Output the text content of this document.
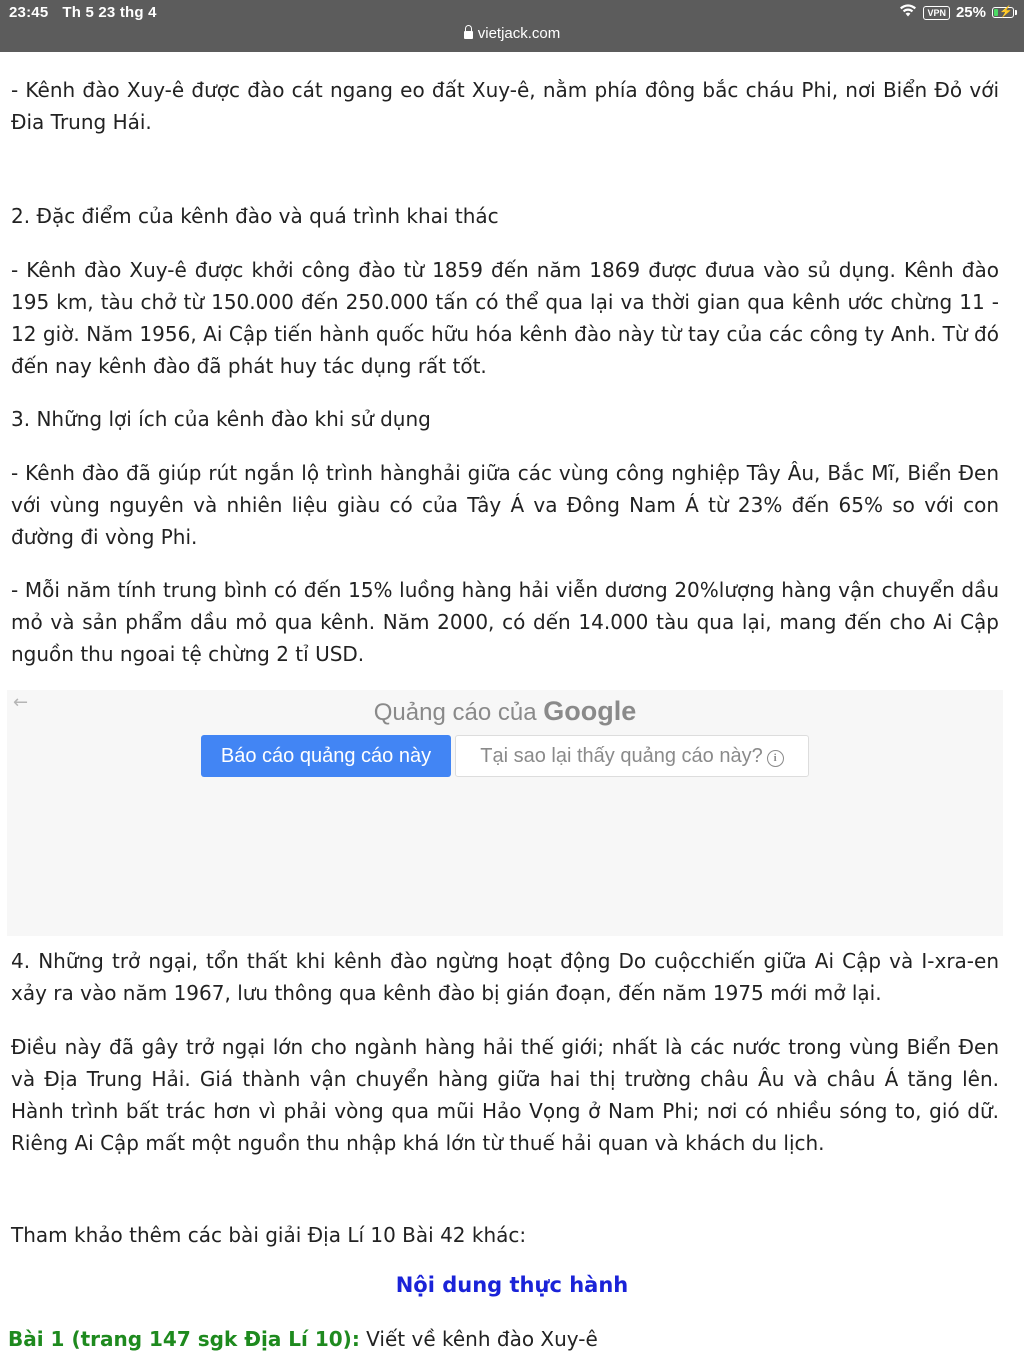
23:45 Th 5 23 thg 4	VPN 25% ⚡
vietjack.com

- Kênh đào Xuy-ê được đào cát ngang eo đất Xuy-ê, nằm phía đông bắc cháu Phi, nơi Biển Đỏ với Đia Trung Hái.

2. Đặc điểm của kênh đào và quá trình khai thác

- Kênh đào Xuy-ê được khởi công đào từ 1859 đến năm 1869 được đưua vào sủ dụng. Kênh đào 195 km, tàu chở từ 150.000 đến 250.000 tấn có thể qua lại va thời gian qua kênh ước chừng 11 - 12 giờ. Năm 1956, Ai Cập tiến hành quốc hữu hóa kênh đào này từ tay của các công ty Anh. Từ đó đến nay kênh đào đã phát huy tác dụng rất tốt.

3. Những lợi ích của kênh đào khi sử dụng

- Kênh đào đã giúp rút ngắn lộ trình hànghải giữa các vùng công nghiệp Tây Âu, Bắc Mĩ, Biển Đen với vùng nguyên và nhiên liệu giàu có của Tây Á va Đông Nam Á từ 23% đến 65% so với con đường đi vòng Phi.

- Mỗi năm tính trung bình có đến 15% luồng hàng hải viễn dương 20%lượng hàng vận chuyển dầu mỏ và sản phẩm dầu mỏ qua kênh. Năm 2000, có dến 14.000 tàu qua lại, mang đến cho Ai Cập nguồn thu ngoai tệ chừng 2 tỉ USD.

←	Quảng cáo của Google
Báo cáo quảng cáo này	Tại sao lại thấy quảng cáo này? i

4. Những trở ngại, tổn thất khi kênh đào ngừng hoạt động Do cuộcchiến giữa Ai Cập và I-xra-en xảy ra vào năm 1967, lưu thông qua kênh đào bị gián đoạn, đến năm 1975 mới mở lại.

Điều này đã gây trở ngại lớn cho ngành hàng hải thế giới; nhất là các nước trong vùng Biển Đen và Địa Trung Hải. Giá thành vận chuyển hàng giữa hai thị trường châu Âu và châu Á tăng lên. Hành trình bất trác hơn vì phải vòng qua mũi Hảo Vọng ở Nam Phi; nơi có nhiều sóng to, gió dữ. Riêng Ai Cập mất một nguồn thu nhập khá lớn từ thuế hải quan và khách du lịch.

Tham khảo thêm các bài giải Địa Lí 10 Bài 42 khác:

Nội dung thực hành
Bài 1 (trang 147 sgk Địa Lí 10): Viết về kênh đào Xuy-ê
